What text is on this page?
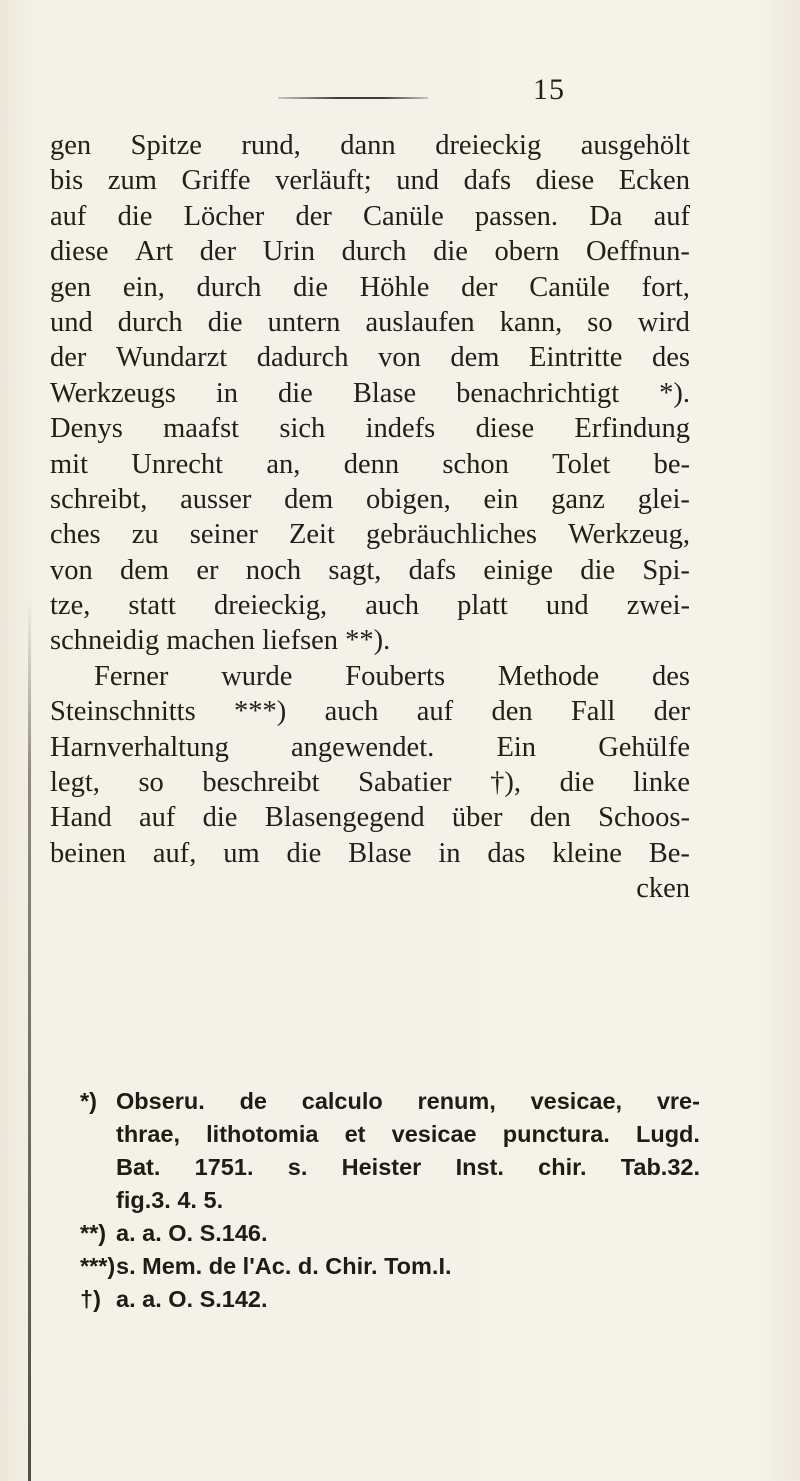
15
gen Spitze rund, dann dreieckig ausgehölt
bis zum Griffe verläuft; und dafs diese Ecken
auf die Löcher der Canüle passen. Da auf
diese Art der Urin durch die obern Oeffnun-
gen ein, durch die Höhle der Canüle fort,
und durch die untern auslaufen kann, so wird
der Wundarzt dadurch von dem Eintritte des
Werkzeugs in die Blase benachrichtigt *).
Denys maafst sich indefs diese Erfindung
mit Unrecht an, denn schon Tolet be-
schreibt, ausser dem obigen, ein ganz glei-
ches zu seiner Zeit gebräuchliches Werkzeug,
von dem er noch sagt, dafs einige die Spi-
tze, statt dreieckig, auch platt und zwei-
schneidig machen liefsen **).
Ferner wurde Fouberts Methode des
Steinschnitts ***) auch auf den Fall der
Harnverhaltung angewendet. Ein Gehülfe
legt, so beschreibt Sabatier †), die linke
Hand auf die Blasengegend über den Schoos-
beinen auf, um die Blase in das kleine Be-
cken
*) Obseru. de calculo renum, vesicae, vre-
thrae, lithotomia et vesicae punctura. Lugd.
Bat. 1751. s. Heister Inst. chir. Tab.32.
fig.3. 4. 5.
**) a. a. O. S.146.
***) s. Mem. de l'Ac. d. Chir. Tom.I.
†) a. a. O. S.142.
